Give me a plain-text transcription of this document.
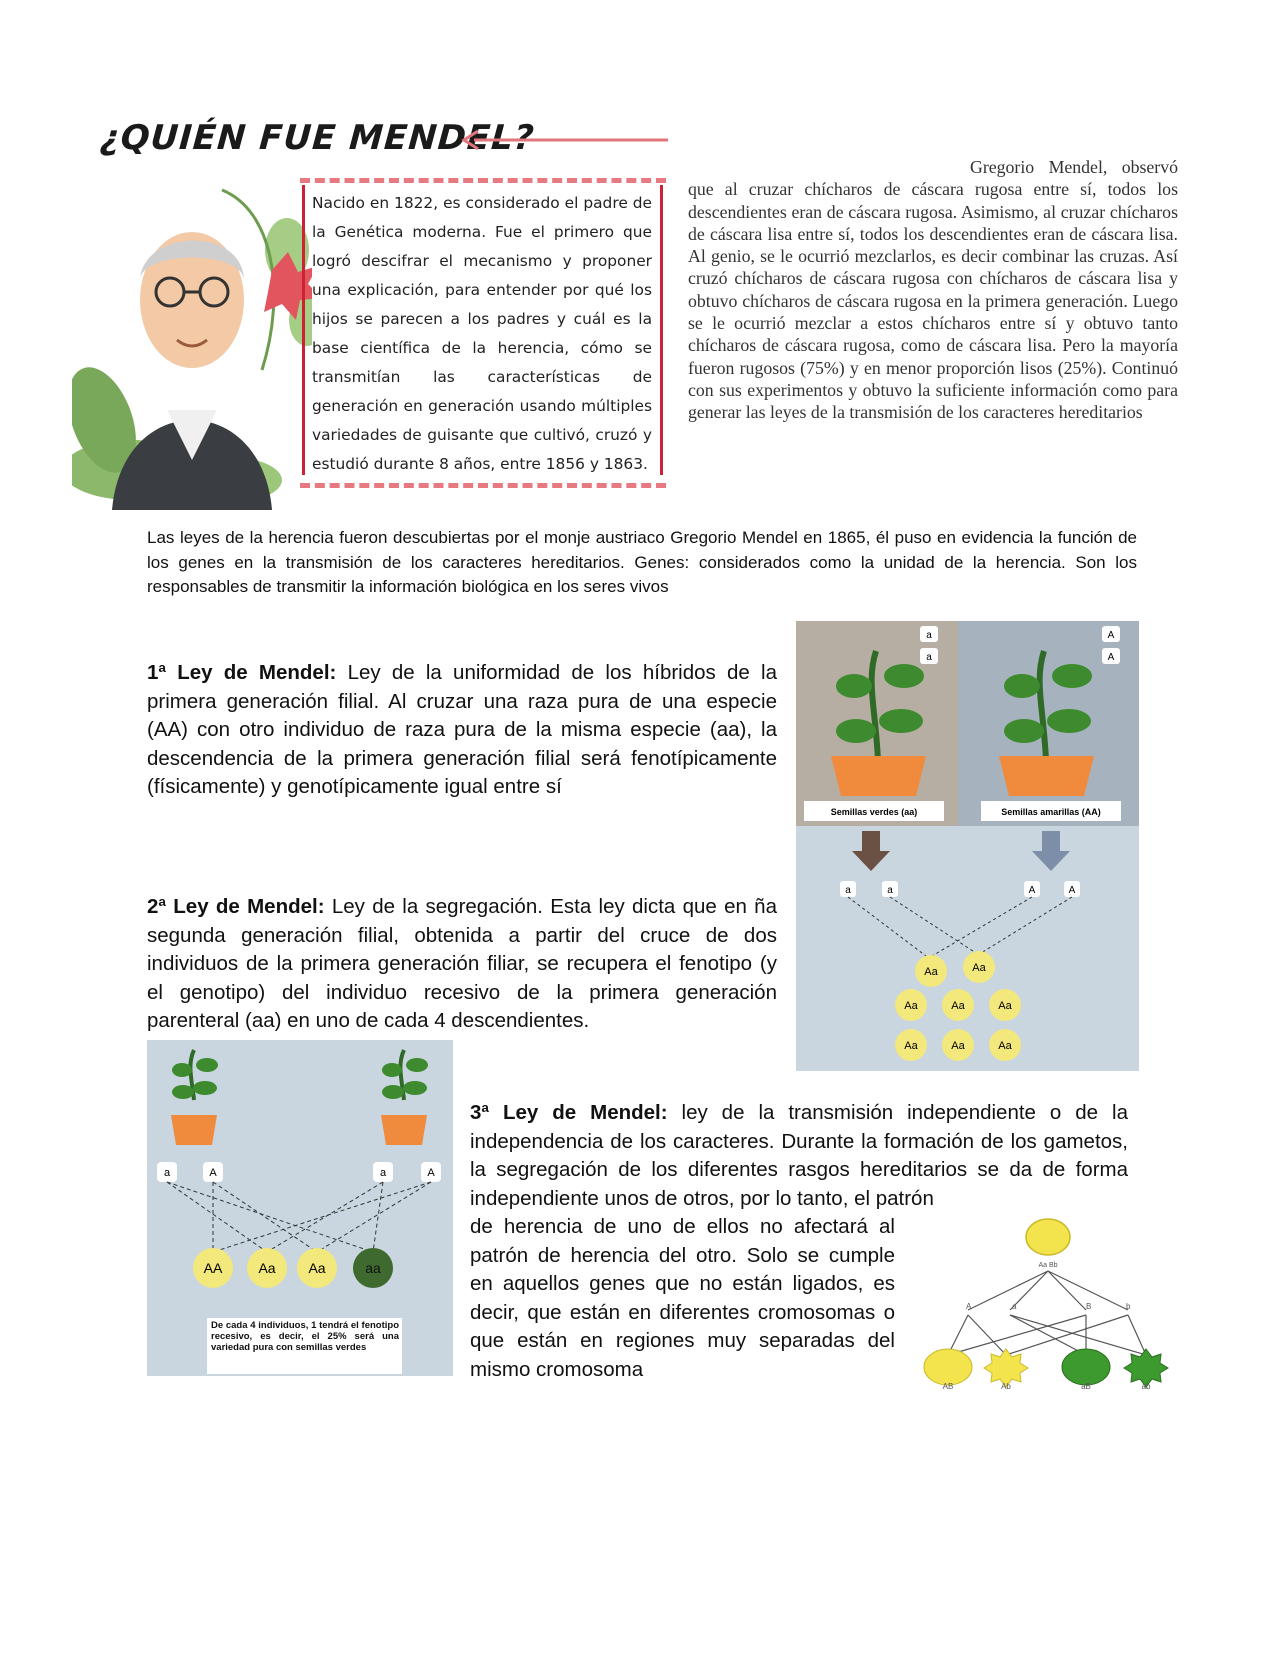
¿QUIÉN FUE MENDEL?
Nacido en 1822, es considerado el padre de la Genética moderna. Fue el primero que logró descifrar el mecanismo y proponer una explicación, para entender por qué los hijos se parecen a los padres y cuál es la base científica de la herencia, cómo se transmitían las características de generación en generación usando múltiples variedades de guisante que cultivó, cruzó y estudió durante 8 años, entre 1856 y 1863.
Gregorio Mendel, observó que al cruzar chícharos de cáscara rugosa entre sí, todos los descendientes eran de cáscara rugosa. Asimismo, al cruzar chícharos de cáscara lisa entre sí, todos los descendientes eran de cáscara lisa. Al genio, se le ocurrió mezclarlos, es decir combinar las cruzas. Así cruzó chícharos de cáscara rugosa con chícharos de cáscara lisa y obtuvo chícharos de cáscara rugosa en la primera generación. Luego se le ocurrió mezclar a estos chícharos entre sí y obtuvo tanto chícharos de cáscara rugosa, como de cáscara lisa. Pero la mayoría fueron rugosos (75%) y en menor proporción lisos (25%). Continuó con sus experimentos y obtuvo la suficiente información como para generar las leyes de la transmisión de los caracteres hereditarios
Las leyes de la herencia fueron descubiertas por el monje austriaco Gregorio Mendel en 1865, él puso en evidencia la función de los genes en la transmisión de los caracteres hereditarios. Genes: considerados como la unidad de la herencia. Son los responsables de transmitir la información biológica en los seres vivos
1ª Ley de Mendel: Ley de la uniformidad de los híbridos de la primera generación filial. Al cruzar una raza pura de una especie (AA) con otro individuo de raza pura de la misma especie (aa), la descendencia de la primera generación filial será fenotípicamente (físicamente) y genotípicamente igual entre sí
2ª Ley de Mendel: Ley de la segregación. Esta ley dicta que en ña segunda generación filial, obtenida a partir del cruce de dos individuos de la primera generación filiar, se recupera el fenotipo (y el genotipo) del individuo recesivo de la primera generación parenteral (aa) en uno de cada 4 descendientes.
3ª Ley de Mendel: ley de la transmisión independiente o de la independencia de los caracteres. Durante la formación de los gametos, la segregación de los diferentes rasgos hereditarios se da de forma independiente unos de otros, por lo tanto, el patrón
de herencia de uno de ellos no afectará al patrón de herencia del otro. Solo se cumple en aquellos genes que no están ligados, es decir, que están en diferentes cromosomas o que están en regiones muy separadas del mismo cromosoma
a
a
A
A
Semillas verdes (aa)	Semillas amarillas (AA)
a	a	A	A
Aa	Aa
Aa	Aa	Aa
Aa	Aa	Aa
a	A	a	A
AA	Aa Aa	aa
De cada 4 individuos, 1 tendrá el fenotipo recesivo, es decir, el 25% será una variedad pura con semillas verdes
Aa Bb
A	a	B	b
AB	Ab	aB	ab
